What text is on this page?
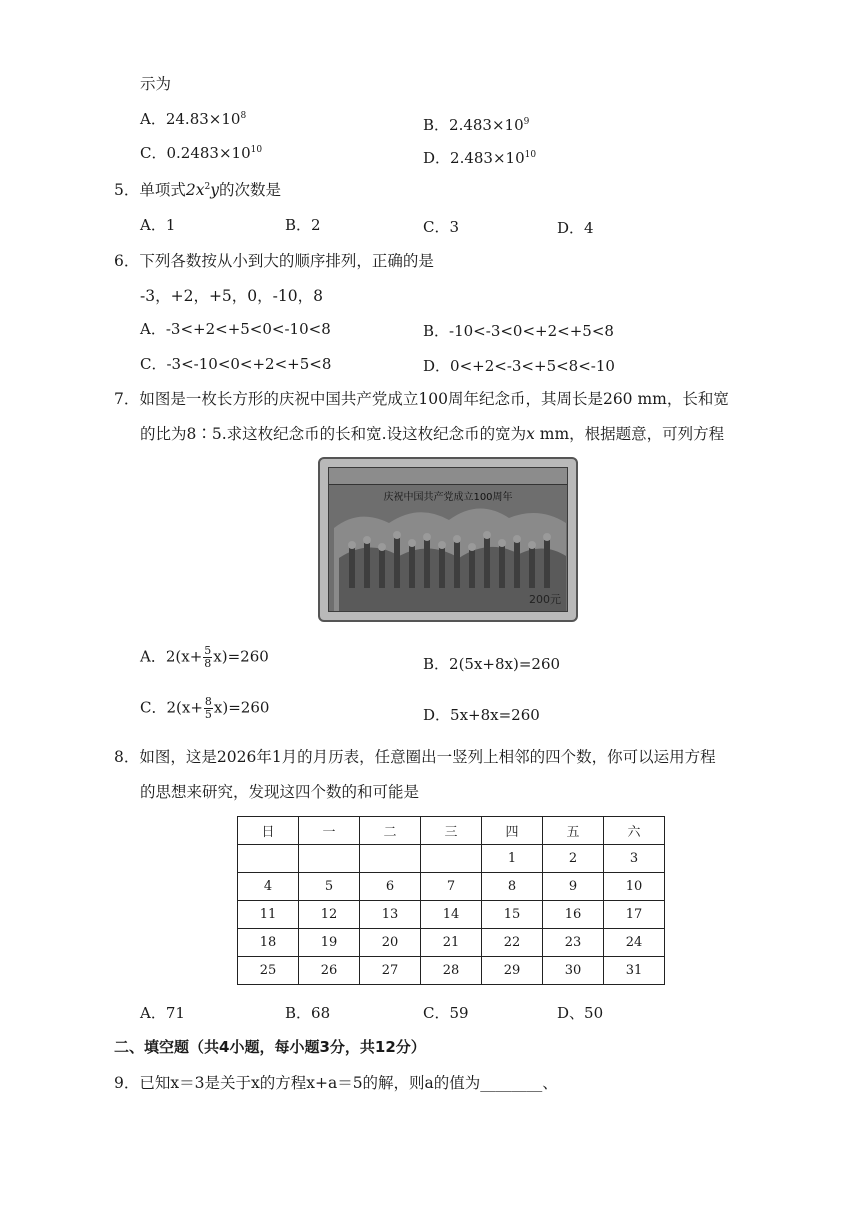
示为
A．$24.83\times 10^8$	B．$2.483\times 10^9$
C．$0.2483\times 10^{10}$	D．$2.483\times 10^{10}$
5．单项式$2x^2y$的次数是
A．1	B．2	C．3	D．4
6．下列各数按从小到大的顺序排列，正确的是
-3，+2，+5，0，-10，8
A．-3<+2<+5<0<-10<8	B．-10<-3<0<+2<+5<8
C．-3<-10<0<+2<+5<8	D．0<+2<-3<+5<8<-10
7．如图是一枚长方形的庆祝中国共产党成立100周年纪念币，其周长是260 mm，长和宽
的比为8∶5.求这枚纪念币的长和宽.设这枚纪念币的宽为x mm，根据题意，可列方程
庆祝中国共产党成立100周年
200元
A．$2(x+ \frac{5}{8} x)=260$	B．2(5x+8x)=260
C．$2(x+ \frac{8}{5} x)=260$	D．5x+8x=260
8．如图，这是2026年1月的月历表，任意圈出一竖列上相邻的四个数，你可以运用方程
的思想来研究，发现这四个数的和可能是
日	一	二	三	四	五	六
				1	2	3
4	5	6	7	8	9	10
11	12	13	14	15	16	17
18	19	20	21	22	23	24
25	26	27	28	29	30	31
A．71	B．68	C．59	D、50
二、填空题（共4小题，每小题3分，共12分）
9．已知x＝3是关于x的方程x+a＝5的解，则a的值为________、
